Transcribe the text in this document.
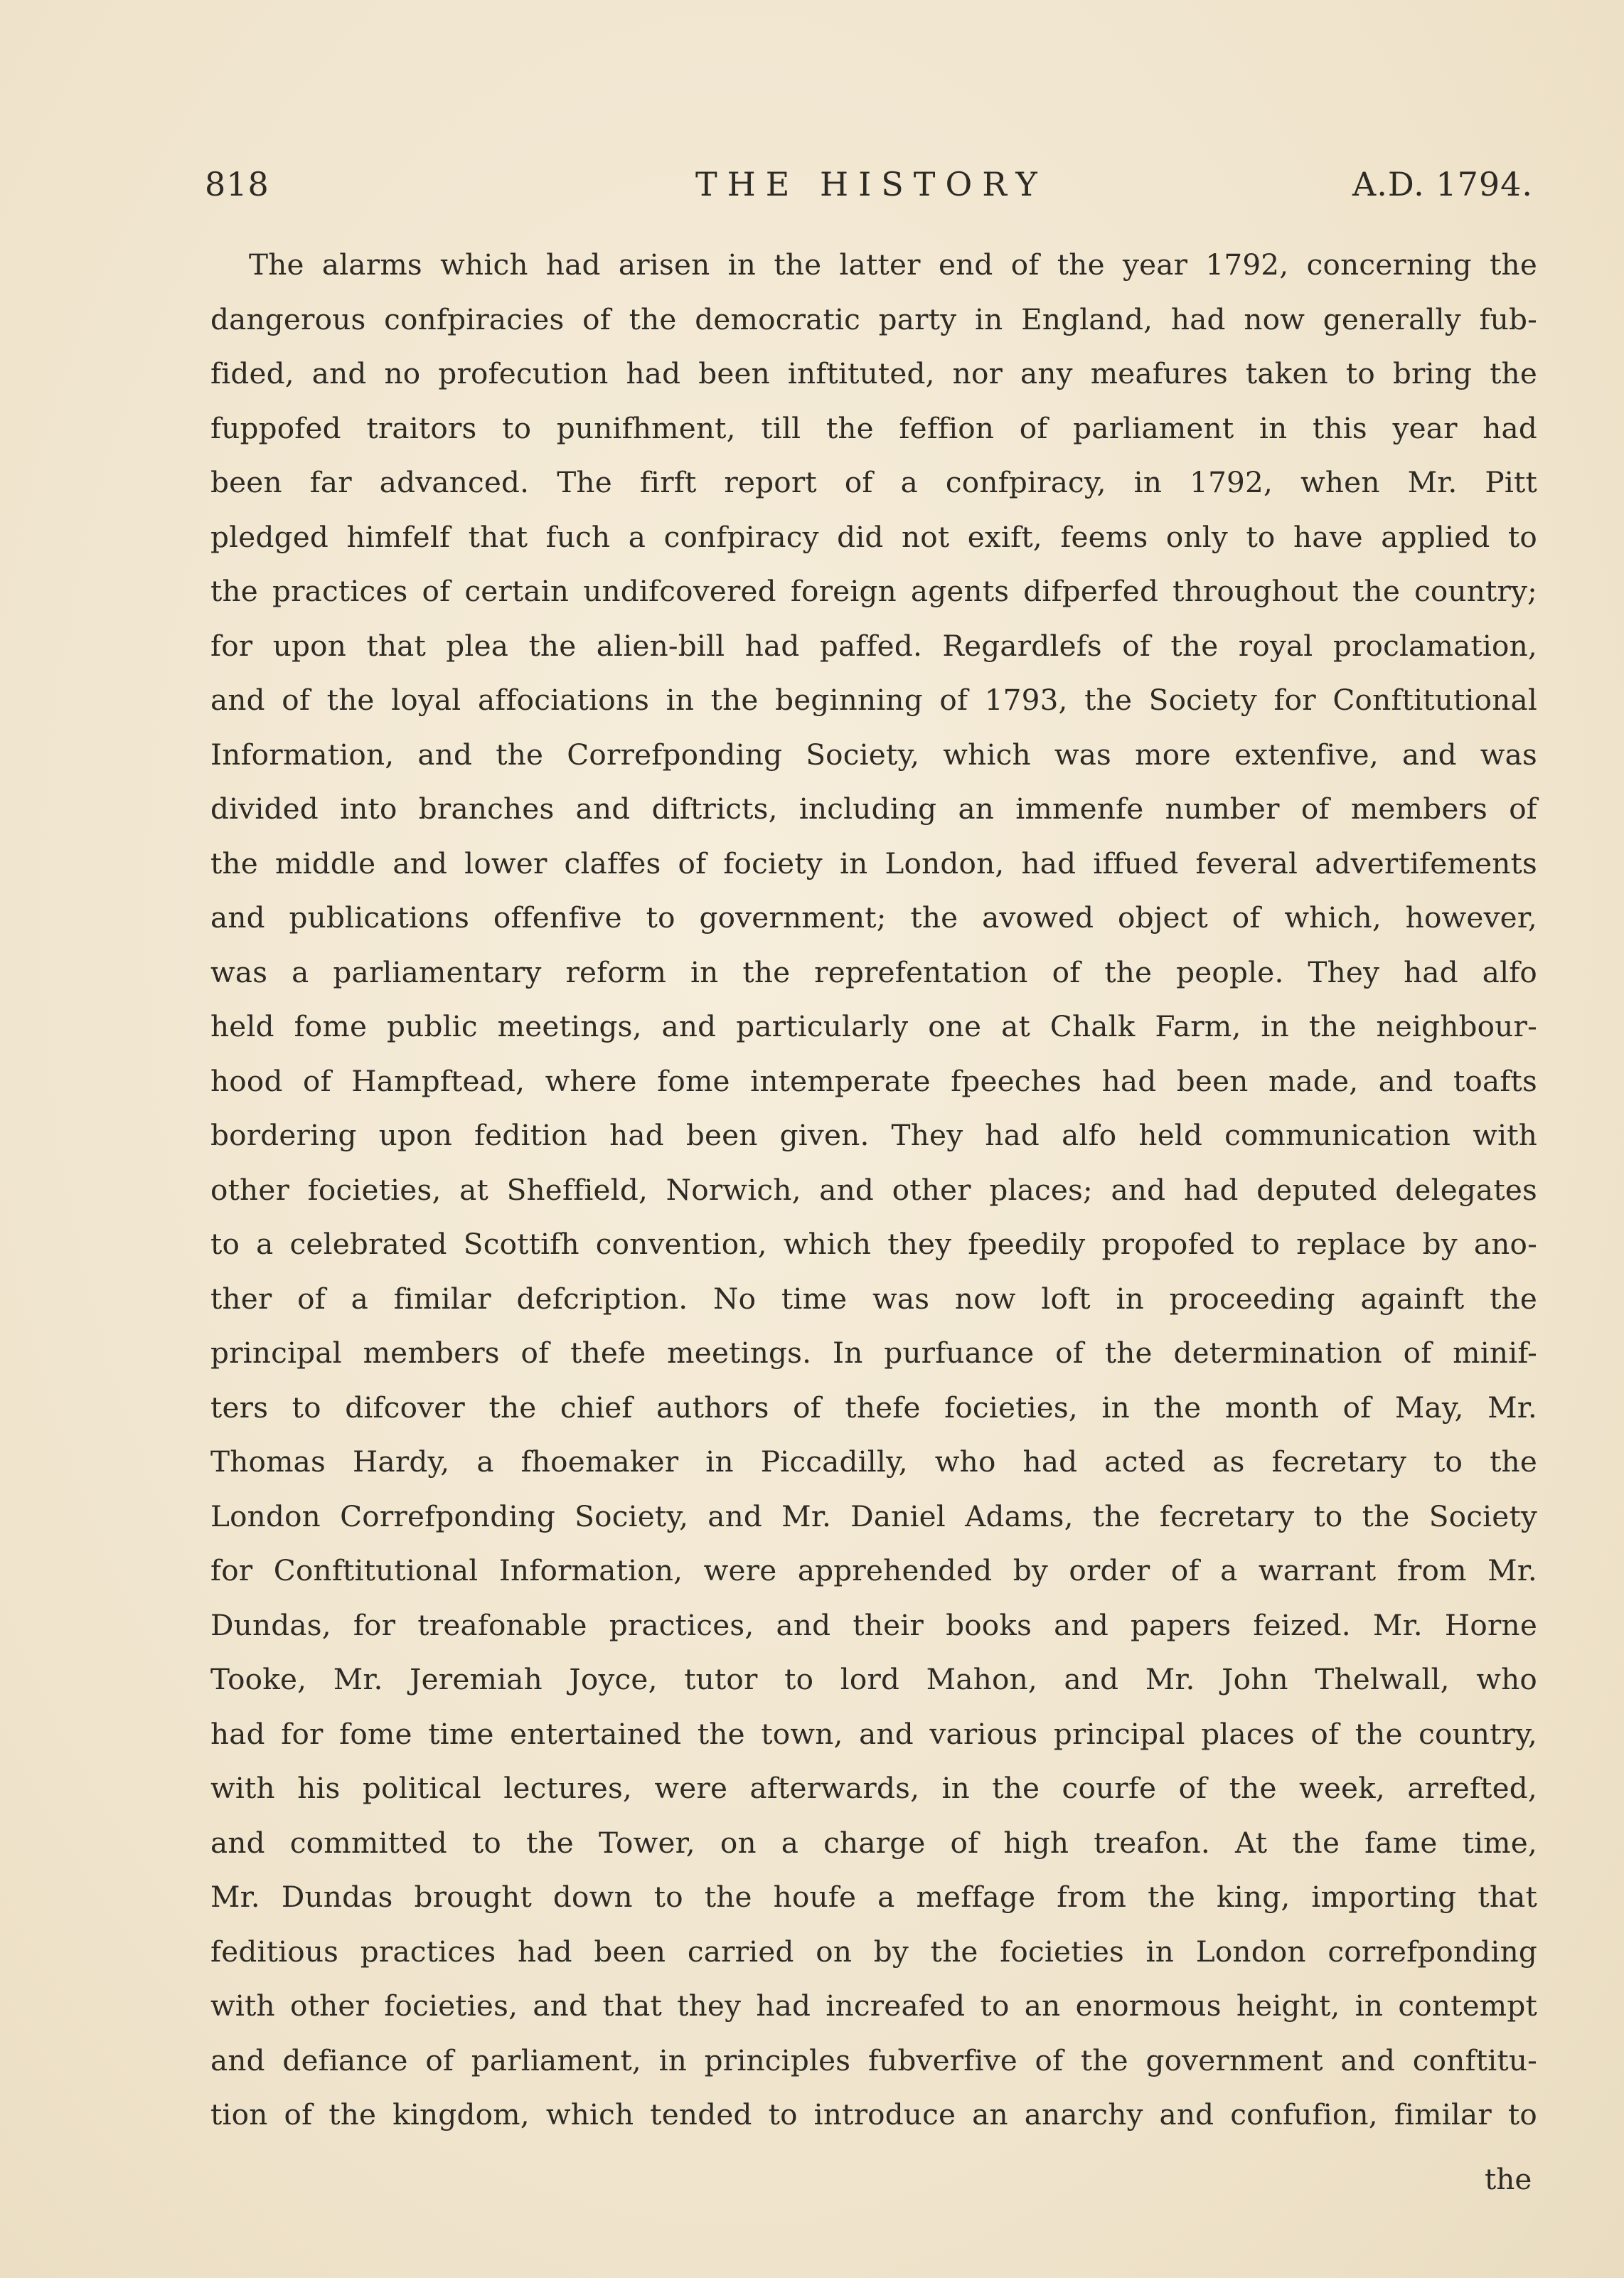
818	THE HISTORY	A.D. 1794.
The alarms which had arisen in the latter end of the year 1792, concerning the
dangerous confpiracies of the democratic party in England, had now generally fub-
fided, and no profecution had been inftituted, nor any meafures taken to bring the
fuppofed traitors to punifhment, till the feffion of parliament in this year had
been far advanced. The firft report of a confpiracy, in 1792, when Mr. Pitt
pledged himfelf that fuch a confpiracy did not exift, feems only to have applied to
the practices of certain undifcovered foreign agents difperfed throughout the country;
for upon that plea the alien-bill had paffed. Regardlefs of the royal proclamation,
and of the loyal affociations in the beginning of 1793, the Society for Conftitutional
Information, and the Correfponding Society, which was more extenfive, and was
divided into branches and diftricts, including an immenfe number of members of
the middle and lower claffes of fociety in London, had iffued feveral advertifements
and publications offenfive to government; the avowed object of which, however,
was a parliamentary reform in the reprefentation of the people. They had alfo
held fome public meetings, and particularly one at Chalk Farm, in the neighbour-
hood of Hampftead, where fome intemperate fpeeches had been made, and toafts
bordering upon fedition had been given. They had alfo held communication with
other focieties, at Sheffield, Norwich, and other places; and had deputed delegates
to a celebrated Scottifh convention, which they fpeedily propofed to replace by ano-
ther of a fimilar defcription. No time was now loft in proceeding againft the
principal members of thefe meetings. In purfuance of the determination of minif-
ters to difcover the chief authors of thefe focieties, in the month of May, Mr.
Thomas Hardy, a fhoemaker in Piccadilly, who had acted as fecretary to the
London Correfponding Society, and Mr. Daniel Adams, the fecretary to the Society
for Conftitutional Information, were apprehended by order of a warrant from Mr.
Dundas, for treafonable practices, and their books and papers feized. Mr. Horne
Tooke, Mr. Jeremiah Joyce, tutor to lord Mahon, and Mr. John Thelwall, who
had for fome time entertained the town, and various principal places of the country,
with his political lectures, were afterwards, in the courfe of the week, arrefted,
and committed to the Tower, on a charge of high treafon. At the fame time,
Mr. Dundas brought down to the houfe a meffage from the king, importing that
feditious practices had been carried on by the focieties in London correfponding
with other focieties, and that they had increafed to an enormous height, in contempt
and defiance of parliament, in principles fubverfive of the government and conftitu-
tion of the kingdom, which tended to introduce an anarchy and confufion, fimilar to
the
